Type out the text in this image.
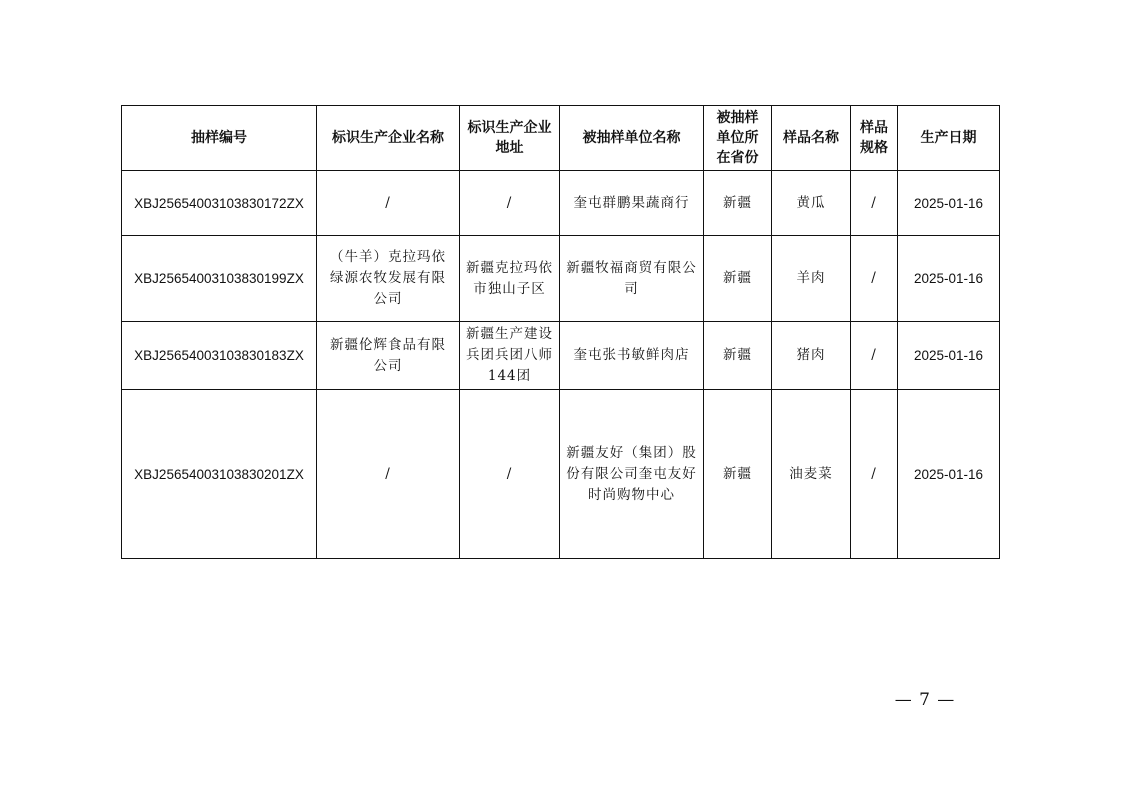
抽样编号	标识生产企业名称	标识生产企业地址	被抽样单位名称	被抽样单位所在省份	样品名称	样品规格	生产日期
XBJ25654003103830172ZX	/	/	奎屯群鹏果蔬商行	新疆	黄瓜	/	2025-01-16
XBJ25654003103830199ZX	（牛羊）克拉玛依绿源农牧发展有限公司	新疆克拉玛依市独山子区	新疆牧福商贸有限公司	新疆	羊肉	/	2025-01-16
XBJ25654003103830183ZX	新疆伦辉食品有限公司	新疆生产建设兵团兵团八师144团	奎屯张书敏鲜肉店	新疆	猪肉	/	2025-01-16
XBJ25654003103830201ZX	/	/	新疆友好（集团）股份有限公司奎屯友好时尚购物中心	新疆	油麦菜	/	2025-01-16
— 7 —
